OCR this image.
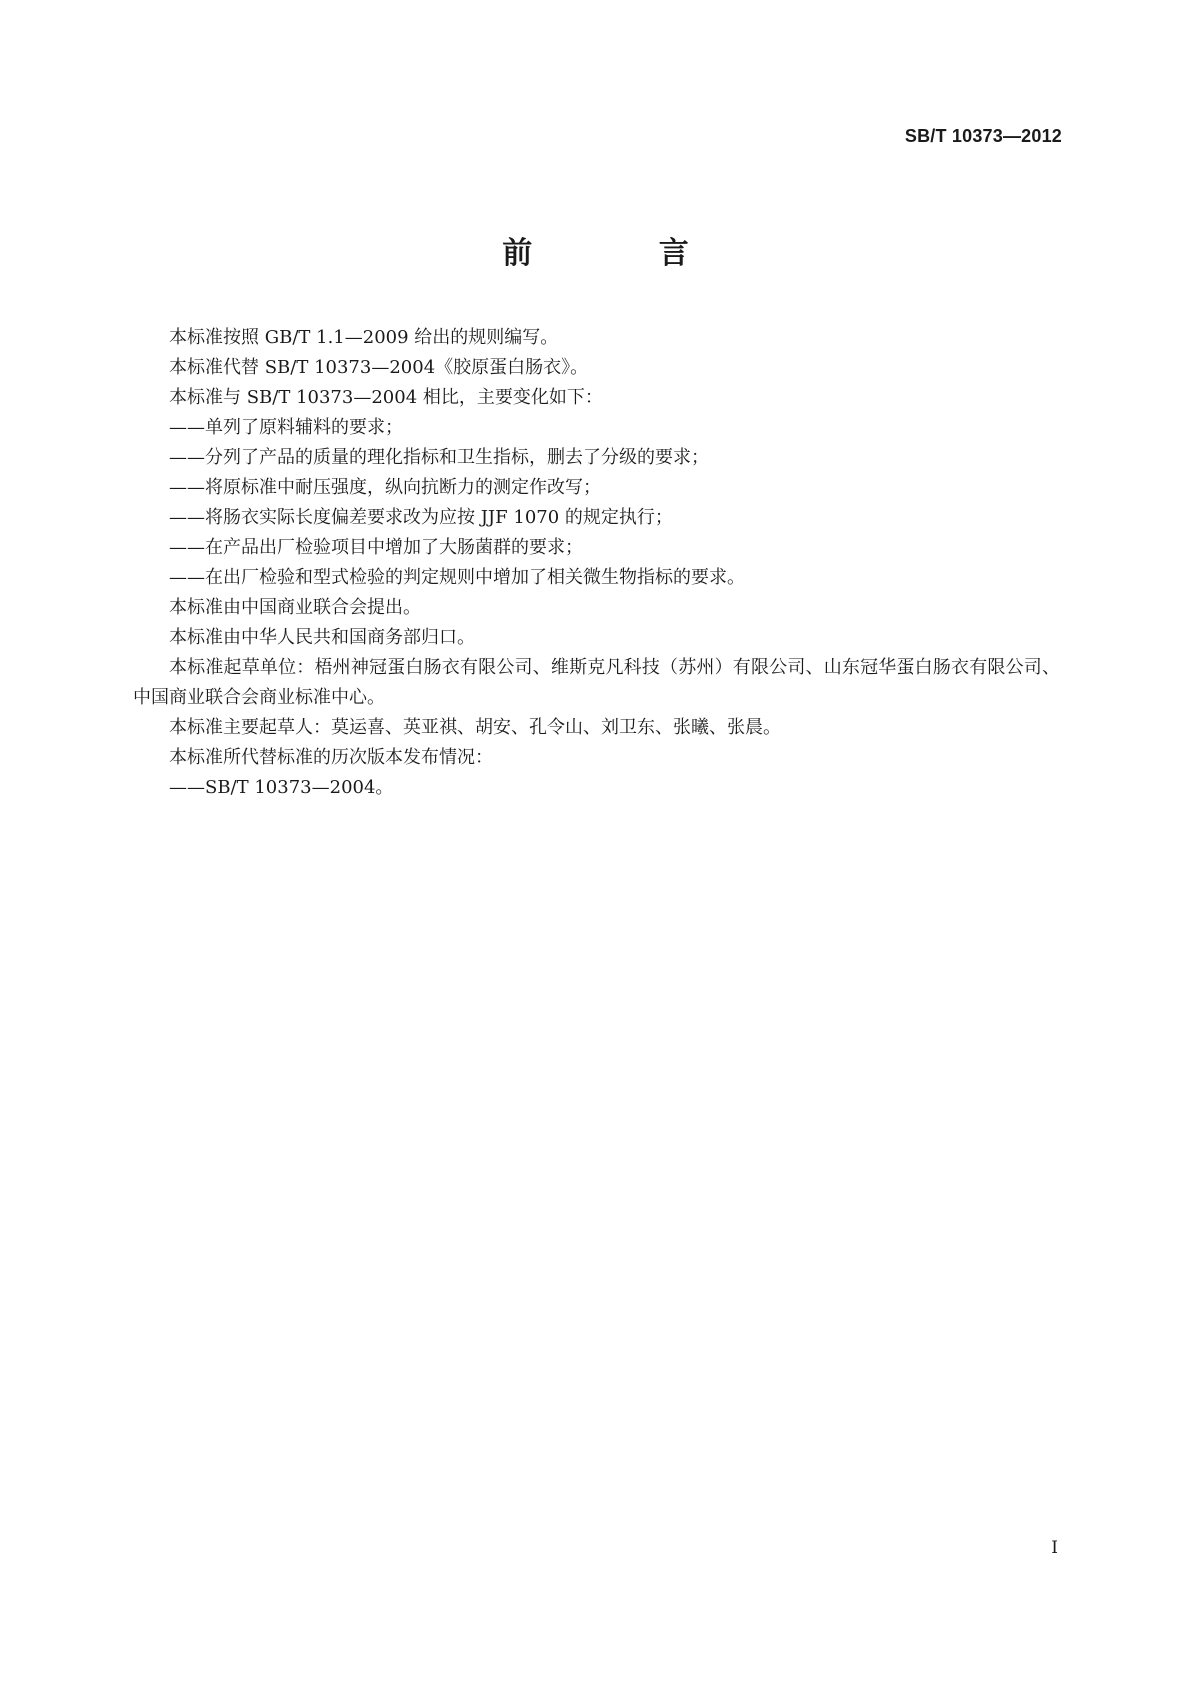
SB/T 10373—2012
前 言

本标准按照 GB/T 1.1—2009 给出的规则编写。

本标准代替 SB/T 10373—2004《胶原蛋白肠衣》。

本标准与 SB/T 10373—2004 相比，主要变化如下：

——单列了原料辅料的要求；

——分列了产品的质量的理化指标和卫生指标，删去了分级的要求；

——将原标准中耐压强度，纵向抗断力的测定作改写；

——将肠衣实际长度偏差要求改为应按 JJF 1070 的规定执行；

——在产品出厂检验项目中增加了大肠菌群的要求；

——在出厂检验和型式检验的判定规则中增加了相关微生物指标的要求。

本标准由中国商业联合会提出。

本标准由中华人民共和国商务部归口。

本标准起草单位：梧州神冠蛋白肠衣有限公司、维斯克凡科技（苏州）有限公司、山东冠华蛋白肠衣有限公司、中国商业联合会商业标准中心。

本标准主要起草人：莫运喜、英亚祺、胡安、孔令山、刘卫东、张曦、张晨。

本标准所代替标准的历次版本发布情况：

——SB/T 10373—2004。

I
